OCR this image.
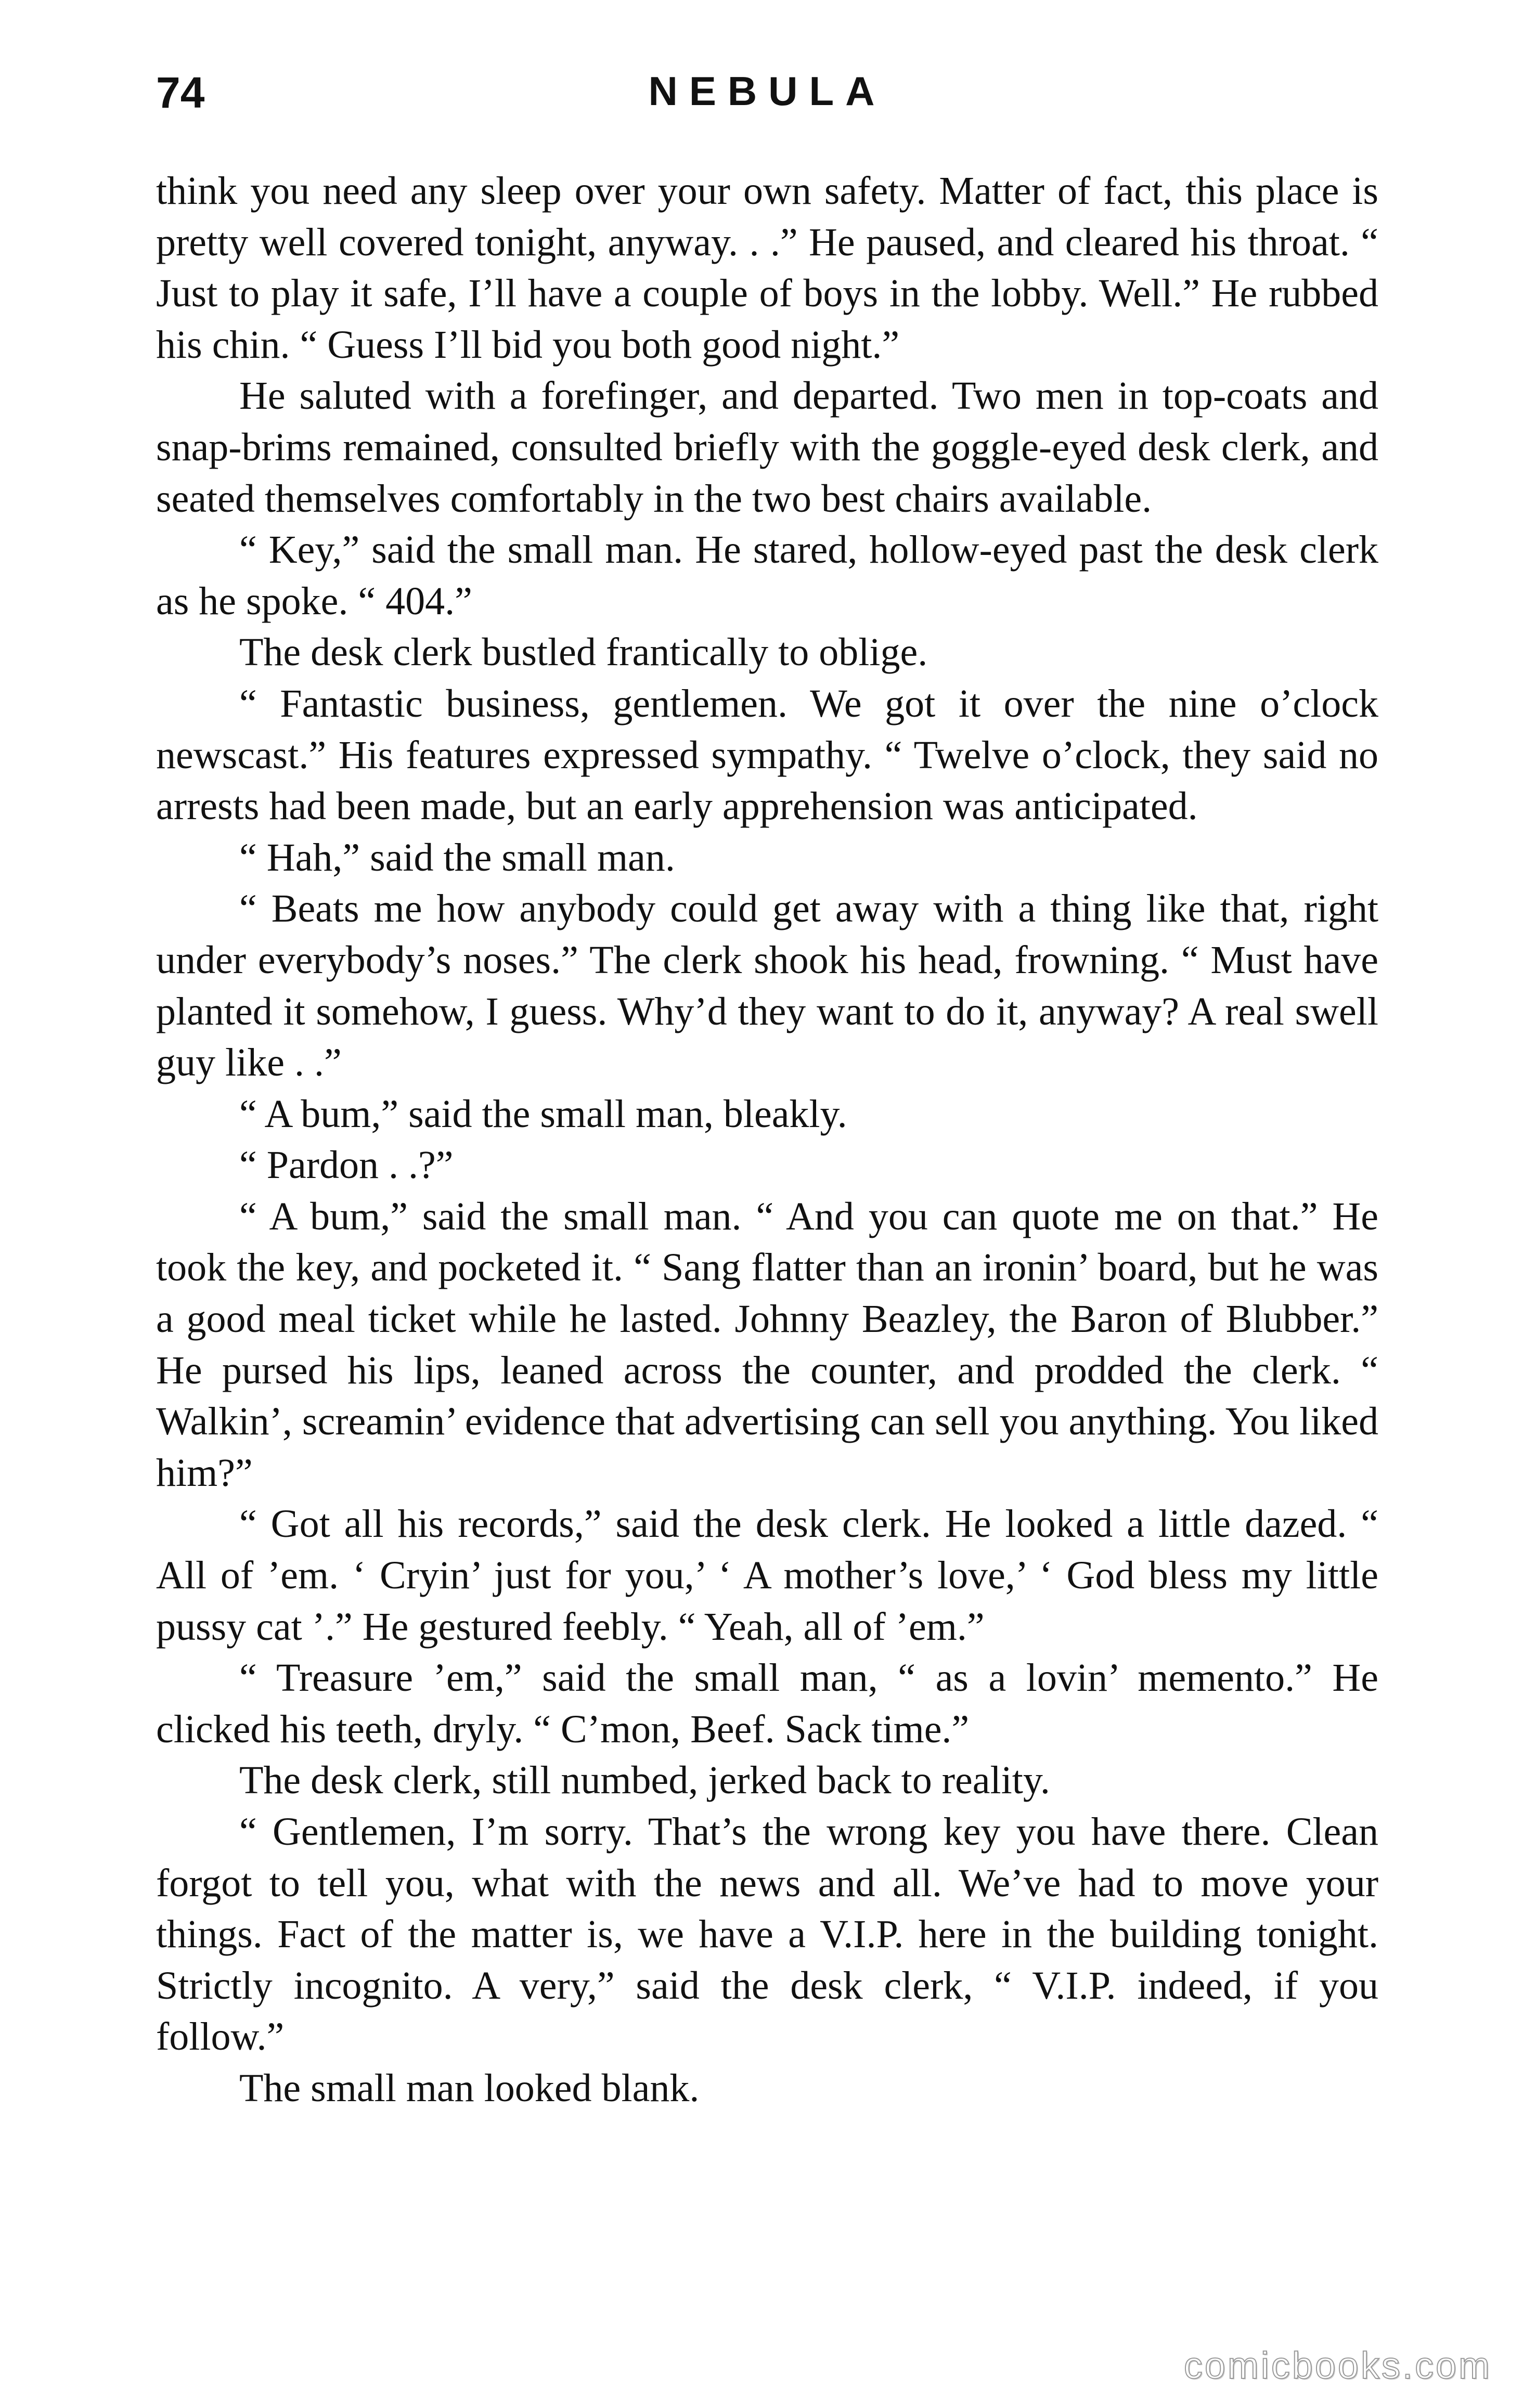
74	NEBULA

think you need any sleep over your own safety. Matter of fact, this place is pretty well covered tonight, anyway. . .” He paused, and cleared his throat. “ Just to play it safe, I’ll have a couple of boys in the lobby. Well.” He rubbed his chin. “ Guess I’ll bid you both good night.”

He saluted with a forefinger, and departed. Two men in top-coats and snap-brims remained, consulted briefly with the goggle-eyed desk clerk, and seated themselves comfortably in the two best chairs available.

“ Key,” said the small man. He stared, hollow-eyed past the desk clerk as he spoke. “ 404.”

The desk clerk bustled frantically to oblige.

“ Fantastic business, gentlemen. We got it over the nine o’clock newscast.” His features expressed sympathy. “ Twelve o’clock, they said no arrests had been made, but an early apprehension was anticipated.

“ Hah,” said the small man.

“ Beats me how anybody could get away with a thing like that, right under everybody’s noses.” The clerk shook his head, frowning. “ Must have planted it somehow, I guess. Why’d they want to do it, anyway? A real swell guy like . .”

“ A bum,” said the small man, bleakly.

“ Pardon . .?”

“ A bum,” said the small man. “ And you can quote me on that.” He took the key, and pocketed it. “ Sang flatter than an ironin’ board, but he was a good meal ticket while he lasted. Johnny Beazley, the Baron of Blubber.” He pursed his lips, leaned across the counter, and prodded the clerk. “ Walkin’, screamin’ evidence that advertising can sell you anything. You liked him?”

“ Got all his records,” said the desk clerk. He looked a little dazed. “ All of ’em. ‘ Cryin’ just for you,’ ‘ A mother’s love,’ ‘ God bless my little pussy cat ’.” He gestured feebly. “ Yeah, all of ’em.”

“ Treasure ’em,” said the small man, “ as a lovin’ memento.” He clicked his teeth, dryly. “ C’mon, Beef. Sack time.”

The desk clerk, still numbed, jerked back to reality.

“ Gentlemen, I’m sorry. That’s the wrong key you have there. Clean forgot to tell you, what with the news and all. We’ve had to move your things. Fact of the matter is, we have a V.I.P. here in the building tonight. Strictly incognito. A very,” said the desk clerk, “ V.I.P. indeed, if you follow.”

The small man looked blank.

comicbooks.com
